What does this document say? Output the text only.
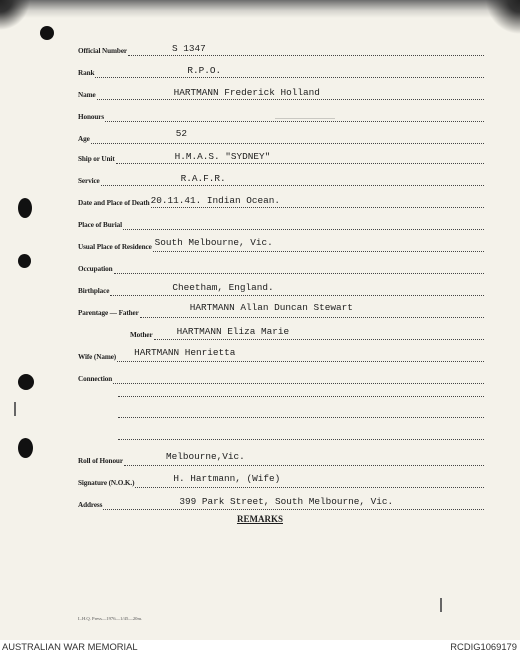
Official Number	S 1347
Rank	R.P.O.
Name	HARTMANN Frederick Holland
Honours
Age	52
Ship or Unit	H.M.A.S. "SYDNEY"
Service	R.A.F.R.
Date and Place of Death 20.11.41. Indian Ocean.
Place of Burial
Usual Place of Residence South Melbourne, Vic.
Occupation
Birthplace	Cheetham, England.
Parentage — Father	HARTMANN Allan Duncan Stewart
Mother	HARTMANN Eliza Marie
Wife (Name) HARTMANN Henrietta
Connection
Roll of Honour	Melbourne,Vic.
Signature (N.O.K.)	H. Hartmann, (Wife)
Address	399 Park Street, South Melbourne, Vic.
REMARKS
L.H.Q. Press—1976—1/45—20m.
AUSTRALIAN WAR MEMORIAL	RCDIG1069179
